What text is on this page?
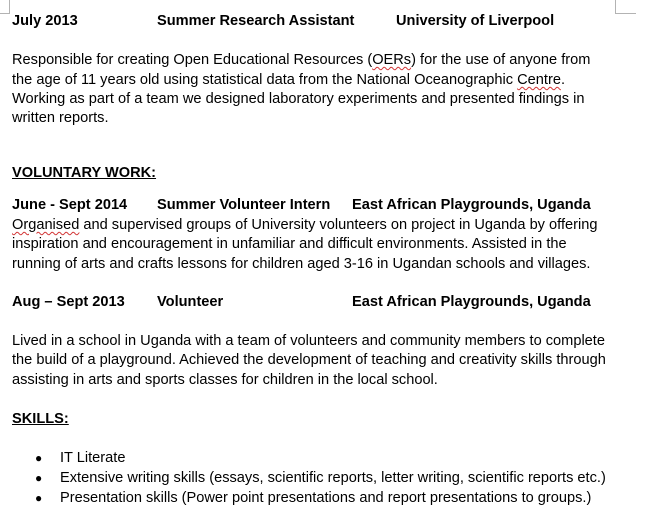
July 2013	Summer Research Assistant	University of Liverpool
Responsible for creating Open Educational Resources (OERs) for the use of anyone from
the age of 11 years old using statistical data from the National Oceanographic Centre.
Working as part of a team we designed laboratory experiments and presented findings in
written reports.
VOLUNTARY WORK:
June - Sept 2014 Summer Volunteer Intern East African Playgrounds, Uganda
Organised and supervised groups of University volunteers on project in Uganda by offering
inspiration and encouragement in unfamiliar and difficult environments. Assisted in the
running of arts and crafts lessons for children aged 3-16 in Ugandan schools and villages.
Aug – Sept 2013 Volunteer	East African Playgrounds, Uganda
Lived in a school in Uganda with a team of volunteers and community members to complete
the build of a playground. Achieved the development of teaching and creativity skills through
assisting in arts and sports classes for children in the local school.
SKILLS:
● IT Literate
● Extensive writing skills (essays, scientific reports, letter writing, scientific reports etc.)
● Presentation skills (Power point presentations and report presentations to groups.)
